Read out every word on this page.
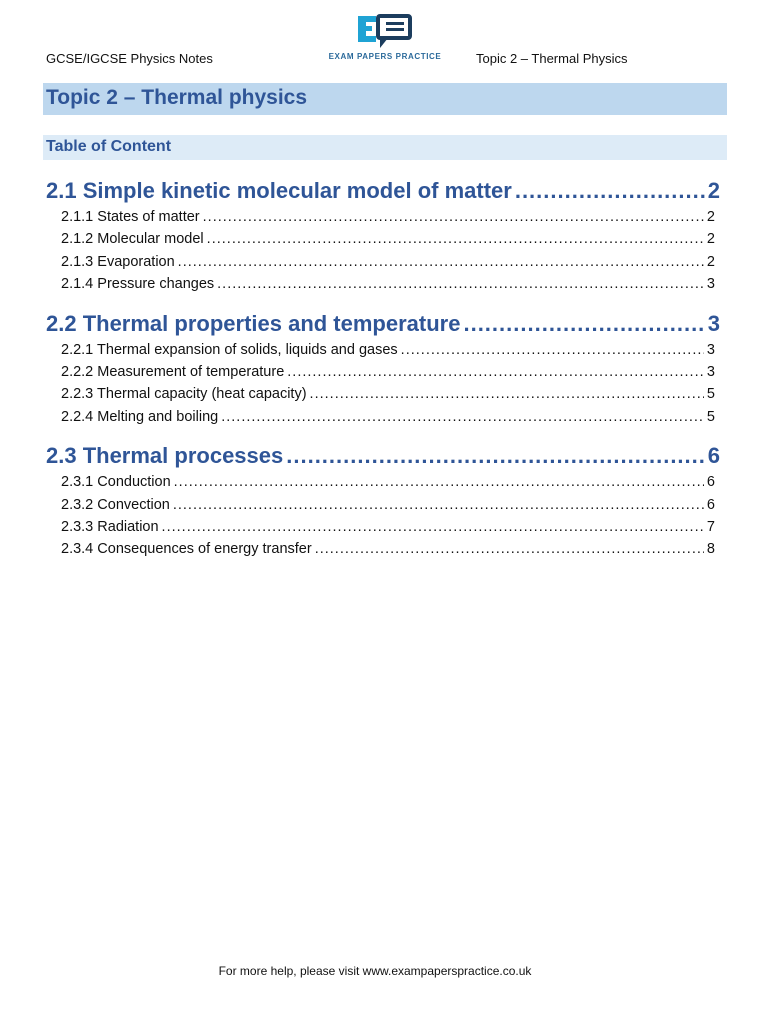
GCSE/IGCSE Physics Notes	EXAM PAPERS PRACTICE	Topic 2 – Thermal Physics
Topic 2 – Thermal physics
Table of Content
2.1 Simple kinetic molecular model of matter .....	2
2.1.1 States of matter .....	2
2.1.2 Molecular model .....	2
2.1.3 Evaporation .....	2
2.1.4 Pressure changes .....	3
2.2 Thermal properties and temperature .....	3
2.2.1 Thermal expansion of solids, liquids and gases .....	3
2.2.2 Measurement of temperature .....	3
2.2.3 Thermal capacity (heat capacity) .....	5
2.2.4 Melting and boiling .....	5
2.3 Thermal processes .....	6
2.3.1 Conduction .....	6
2.3.2 Convection .....	6
2.3.3 Radiation .....	7
2.3.4 Consequences of energy transfer .....	8
For more help, please visit www.exampaperspractice.co.uk
